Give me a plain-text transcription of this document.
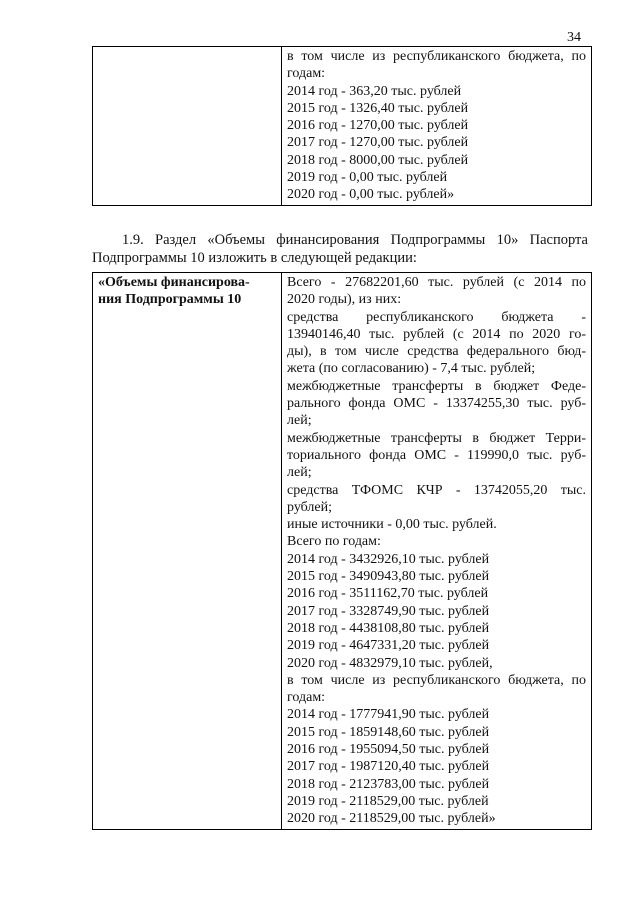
34

в том числе из республиканского бюджета, по
годам:
2014 год - 363,20 тыс. рублей
2015 год - 1326,40 тыс. рублей
2016 год - 1270,00 тыс. рублей
2017 год - 1270,00 тыс. рублей
2018 год - 8000,00 тыс. рублей
2019 год - 0,00 тыс. рублей
2020 год - 0,00 тыс. рублей»
1.9. Раздел «Объемы финансирования Подпрограммы 10» Паспорта
Подпрограммы 10 изложить в следующей редакции:
«Объемы финансирова-
ния Подпрограммы 10

Всего - 27682201,60 тыс. рублей (с 2014 по
2020 годы), из них:
средства республиканского бюджета -
13940146,40 тыс. рублей (с 2014 по 2020 го-
ды), в том числе средства федерального бюд-
жета (по согласованию) - 7,4 тыс. рублей;
межбюджетные трансферты в бюджет Феде-
рального фонда ОМС - 13374255,30 тыс. руб-
лей;
межбюджетные трансферты в бюджет Терри-
ториального фонда ОМС - 119990,0 тыс. руб-
лей;
средства ТФОМС КЧР - 13742055,20 тыс.
рублей;
иные источники - 0,00 тыс. рублей.
Всего по годам:
2014 год - 3432926,10 тыс. рублей
2015 год - 3490943,80 тыс. рублей
2016 год - 3511162,70 тыс. рублей
2017 год - 3328749,90 тыс. рублей
2018 год - 4438108,80 тыс. рублей
2019 год - 4647331,20 тыс. рублей
2020 год - 4832979,10 тыс. рублей,
в том числе из республиканского бюджета, по
годам:
2014 год - 1777941,90 тыс. рублей
2015 год - 1859148,60 тыс. рублей
2016 год - 1955094,50 тыс. рублей
2017 год - 1987120,40 тыс. рублей
2018 год - 2123783,00 тыс. рублей
2019 год - 2118529,00 тыс. рублей
2020 год - 2118529,00 тыс. рублей»
